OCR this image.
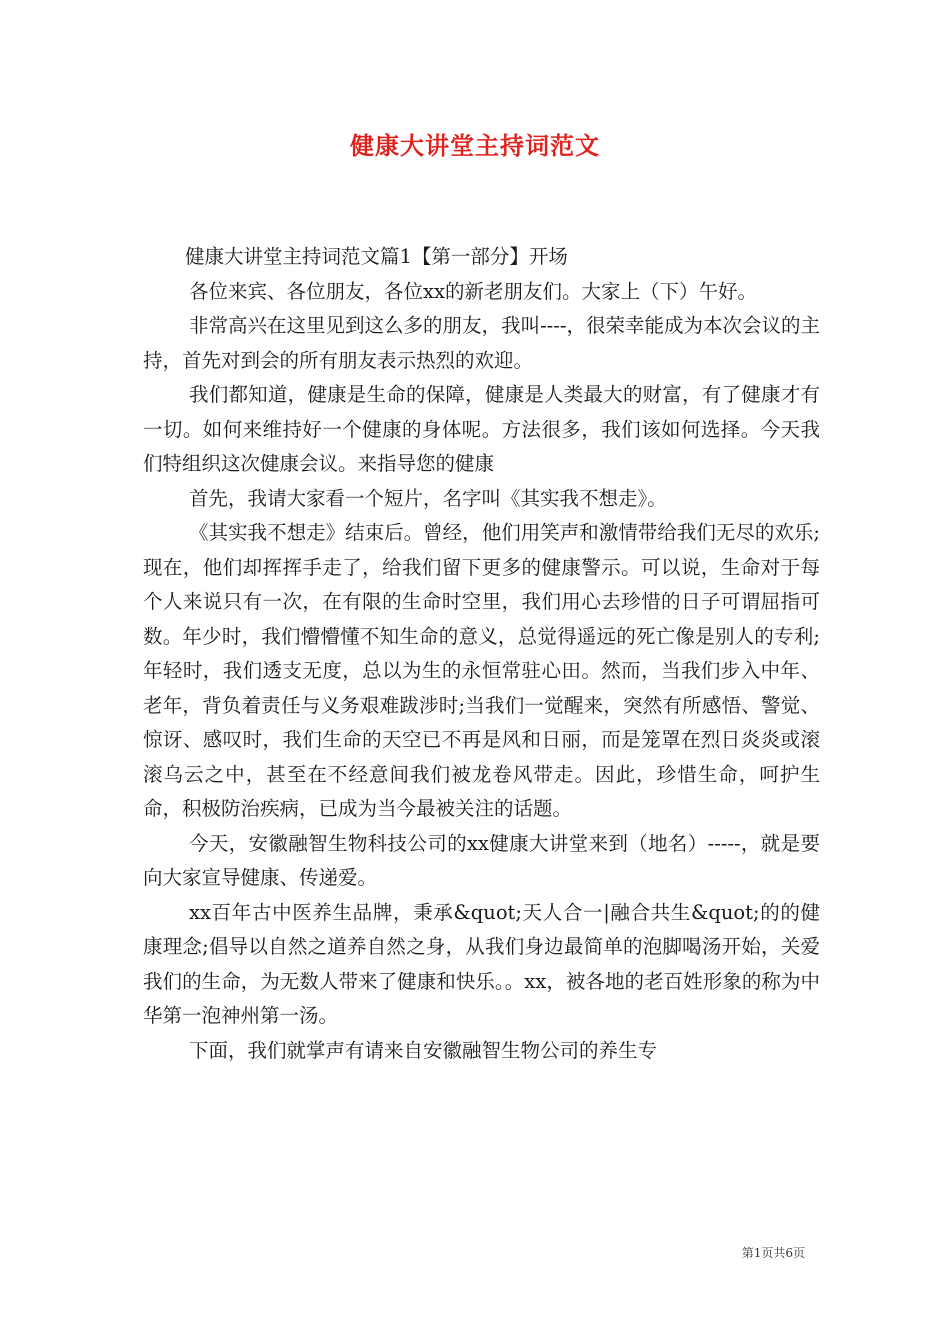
健康大讲堂主持词范文

健康大讲堂主持词范文篇1【第一部分】开场

各位来宾、各位朋友，各位xx的新老朋友们。大家上（下）午好。

非常高兴在这里见到这么多的朋友，我叫----，很荣幸能成为本次会议的主持，首先对到会的所有朋友表示热烈的欢迎。

我们都知道，健康是生命的保障，健康是人类最大的财富，有了健康才有一切。如何来维持好一个健康的身体呢。方法很多，我们该如何选择。今天我们特组织这次健康会议。来指导您的健康

首先，我请大家看一个短片，名字叫《其实我不想走》。

《其实我不想走》结束后。曾经，他们用笑声和激情带给我们无尽的欢乐;现在，他们却挥挥手走了，给我们留下更多的健康警示。可以说，生命对于每个人来说只有一次，在有限的生命时空里，我们用心去珍惜的日子可谓屈指可数。年少时，我们懵懵懂不知生命的意义，总觉得遥远的死亡像是别人的专利;年轻时，我们透支无度，总以为生的永恒常驻心田。然而，当我们步入中年、老年，背负着责任与义务艰难跋涉时;当我们一觉醒来，突然有所感悟、警觉、惊讶、感叹时，我们生命的天空已不再是风和日丽，而是笼罩在烈日炎炎或滚滚乌云之中，甚至在不经意间我们被龙卷风带走。因此，珍惜生命，呵护生命，积极防治疾病，已成为当今最被关注的话题。

今天，安徽融智生物科技公司的xx健康大讲堂来到（地名）-----，就是要向大家宣导健康、传递爱。

xx百年古中医养生品牌，秉承&quot;天人合一|融合共生&quot;的的健康理念;倡导以自然之道养自然之身，从我们身边最简单的泡脚喝汤开始，关爱我们的生命，为无数人带来了健康和快乐。。xx，被各地的老百姓形象的称为中华第一泡神州第一汤。

下面，我们就掌声有请来自安徽融智生物公司的养生专

第1页共6页
